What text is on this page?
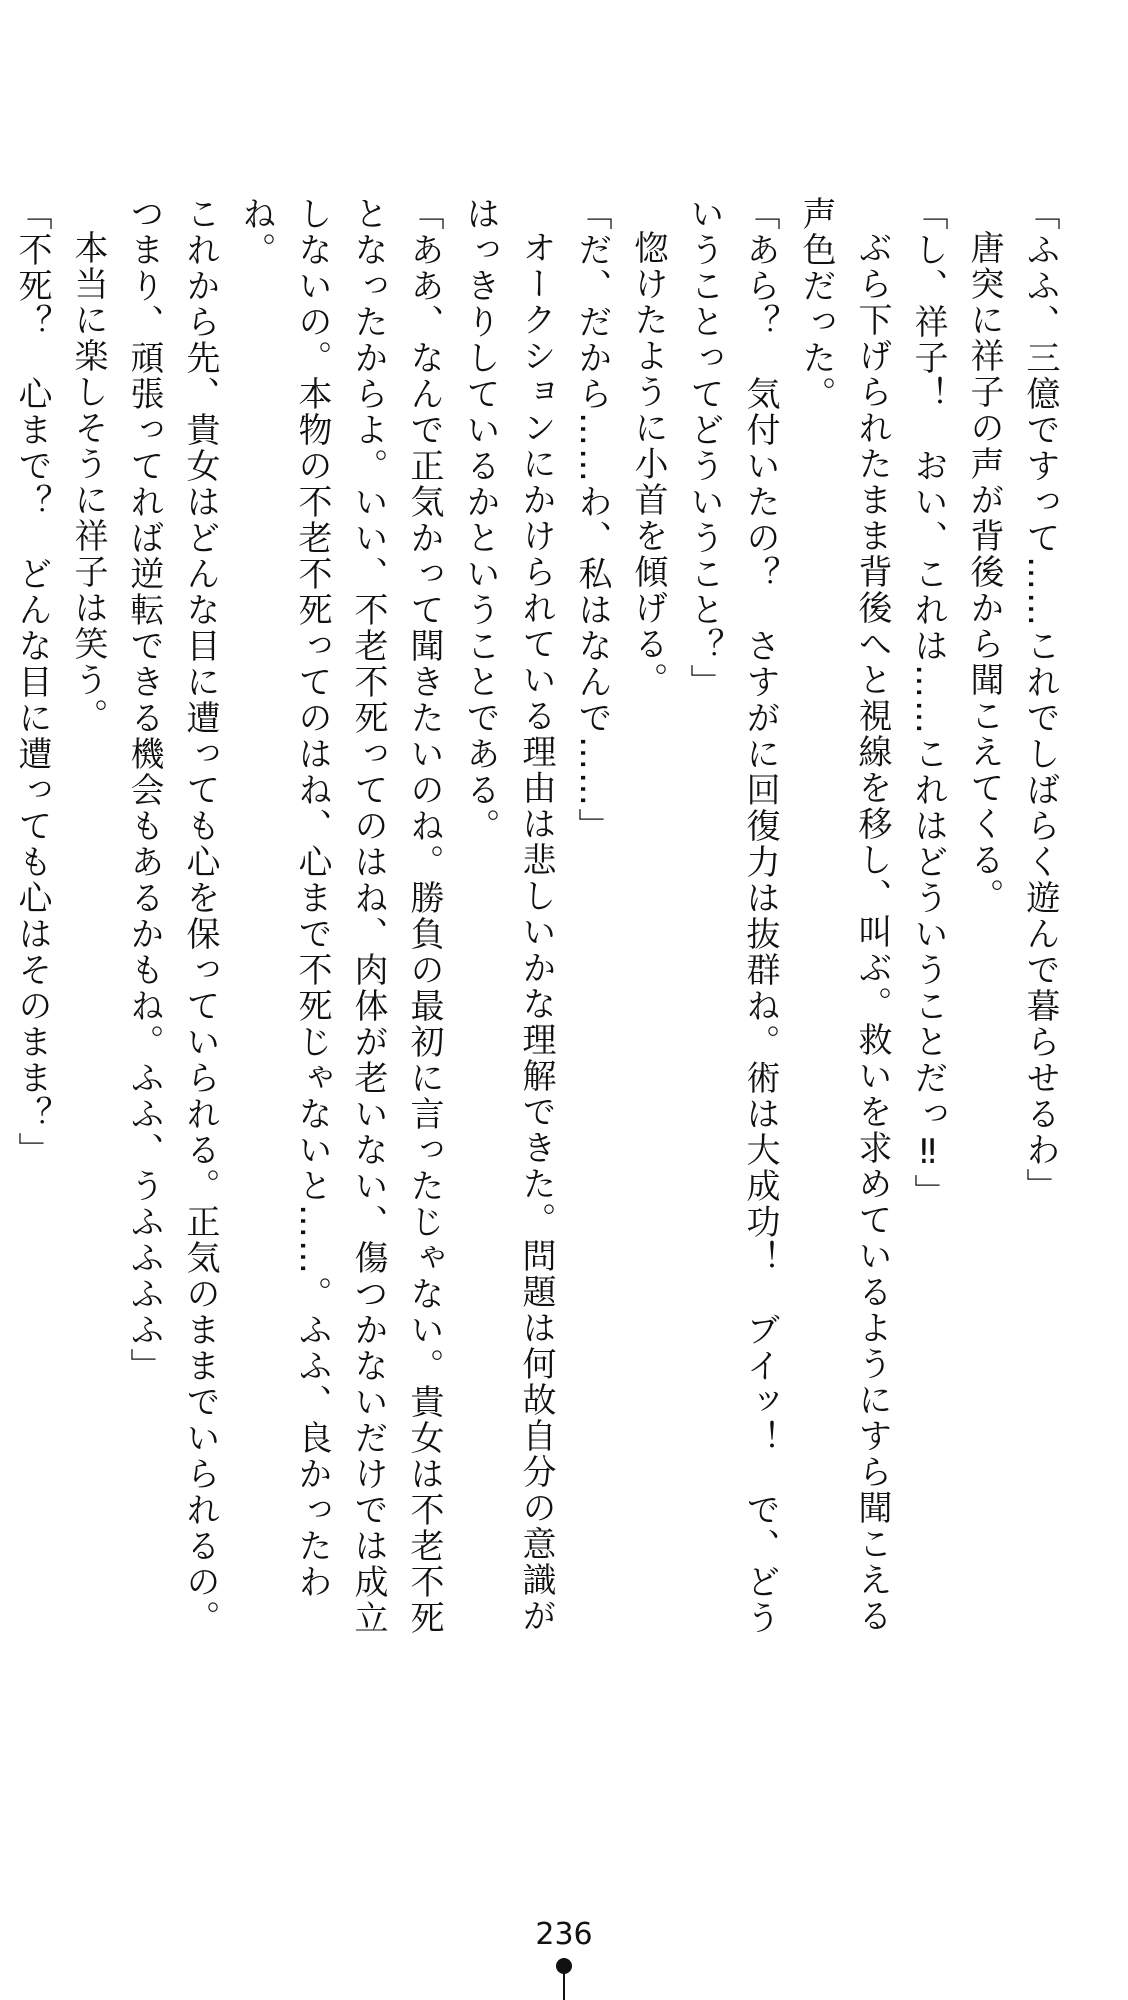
「ふふ、三億ですって……これでしばらく遊んで暮らせるわ」

唐突に祥子の声が背後から聞こえてくる。

「し、祥子！　おい、これは……これはどういうことだっ‼」

ぶら下げられたまま背後へと視線を移し、叫ぶ。救いを求めているようにすら聞こえる

声色だった。

「あら？　気付いたの？　さすがに回復力は抜群ね。術は大成功！　ブイッ！　で、どう

いうことってどういうこと？」

惚けたように小首を傾げる。

「だ、だから……わ、私はなんで……」

オークションにかけられている理由は悲しいかな理解できた。問題は何故自分の意識が

はっきりしているかということである。

「ああ、なんで正気かって聞きたいのね。勝負の最初に言ったじゃない。貴女は不老不死

となったからよ。いい、不老不死ってのはね、肉体が老いない、傷つかないだけでは成立

しないの。本物の不老不死ってのはね、心まで不死じゃないと……。ふふ、良かったわね。

これから先、貴女はどんな目に遭っても心を保っていられる。正気のままでいられるの。

つまり、頑張ってれば逆転できる機会もあるかもね。ふふ、うふふふふ」

本当に楽しそうに祥子は笑う。

「不死？　心まで？　どんな目に遭っても心はそのまま？」

236
